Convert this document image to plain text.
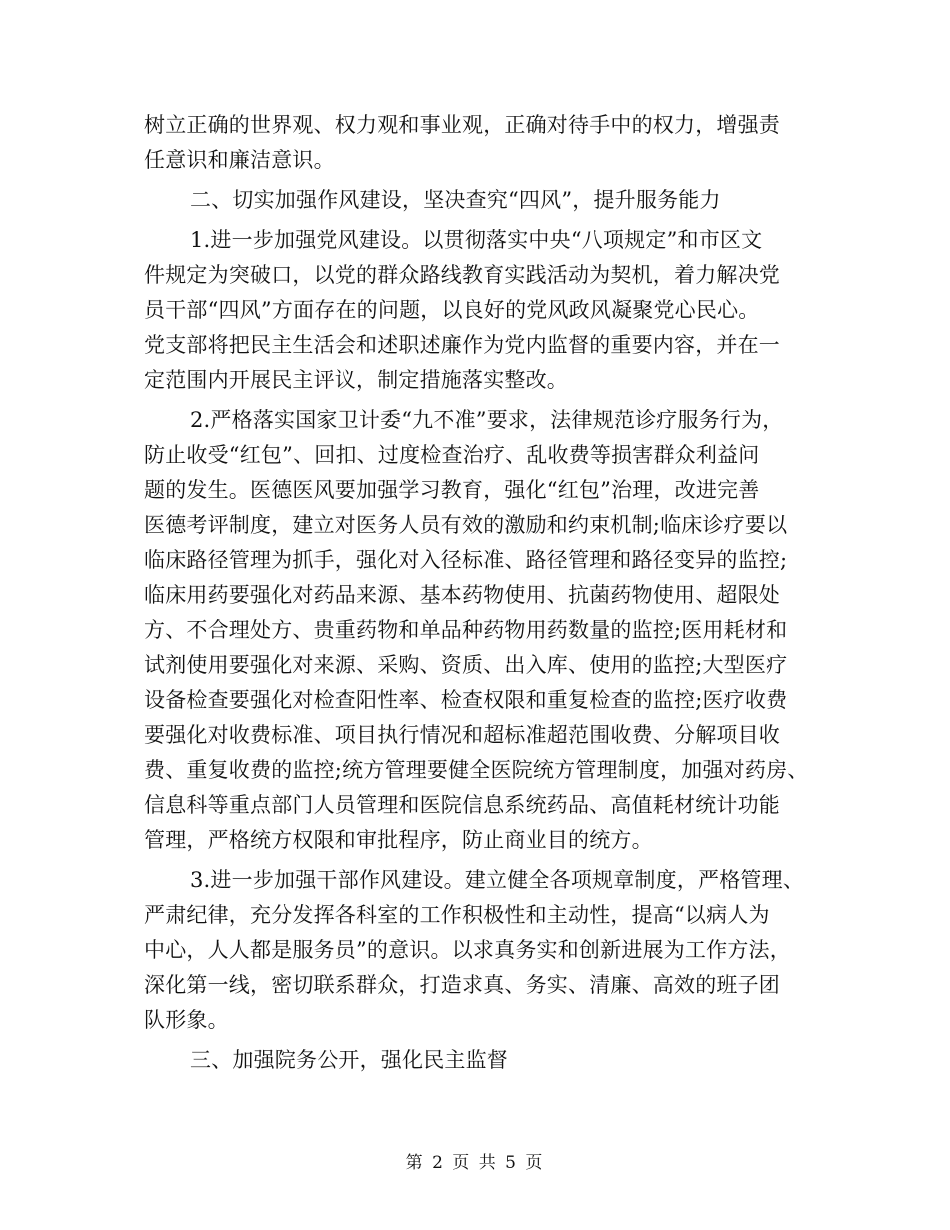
树立正确的世界观、权力观和事业观，正确对待手中的权力，增强责
任意识和廉洁意识。
二、切实加强作风建设，坚决查究“四风”，提升服务能力
1.进一步加强党风建设。以贯彻落实中央“八项规定”和市区文
件规定为突破口，以党的群众路线教育实践活动为契机，着力解决党
员干部“四风”方面存在的问题，以良好的党风政风凝聚党心民心。
党支部将把民主生活会和述职述廉作为党内监督的重要内容，并在一
定范围内开展民主评议，制定措施落实整改。
2.严格落实国家卫计委“九不准”要求，法律规范诊疗服务行为，
防止收受“红包”、回扣、过度检查治疗、乱收费等损害群众利益问
题的发生。医德医风要加强学习教育，强化“红包”治理，改进完善
医德考评制度，建立对医务人员有效的激励和约束机制;临床诊疗要以
临床路径管理为抓手，强化对入径标准、路径管理和路径变异的监控;
临床用药要强化对药品来源、基本药物使用、抗菌药物使用、超限处
方、不合理处方、贵重药物和单品种药物用药数量的监控;医用耗材和
试剂使用要强化对来源、采购、资质、出入库、使用的监控;大型医疗
设备检查要强化对检查阳性率、检查权限和重复检查的监控;医疗收费
要强化对收费标准、项目执行情况和超标准超范围收费、分解项目收
费、重复收费的监控;统方管理要健全医院统方管理制度，加强对药房、
信息科等重点部门人员管理和医院信息系统药品、高值耗材统计功能
管理，严格统方权限和审批程序，防止商业目的统方。
3.进一步加强干部作风建设。建立健全各项规章制度，严格管理、
严肃纪律，充分发挥各科室的工作积极性和主动性，提高“以病人为
中心，人人都是服务员”的意识。以求真务实和创新进展为工作方法，
深化第一线，密切联系群众，打造求真、务实、清廉、高效的班子团
队形象。
三、加强院务公开，强化民主监督
第 2 页 共 5 页
